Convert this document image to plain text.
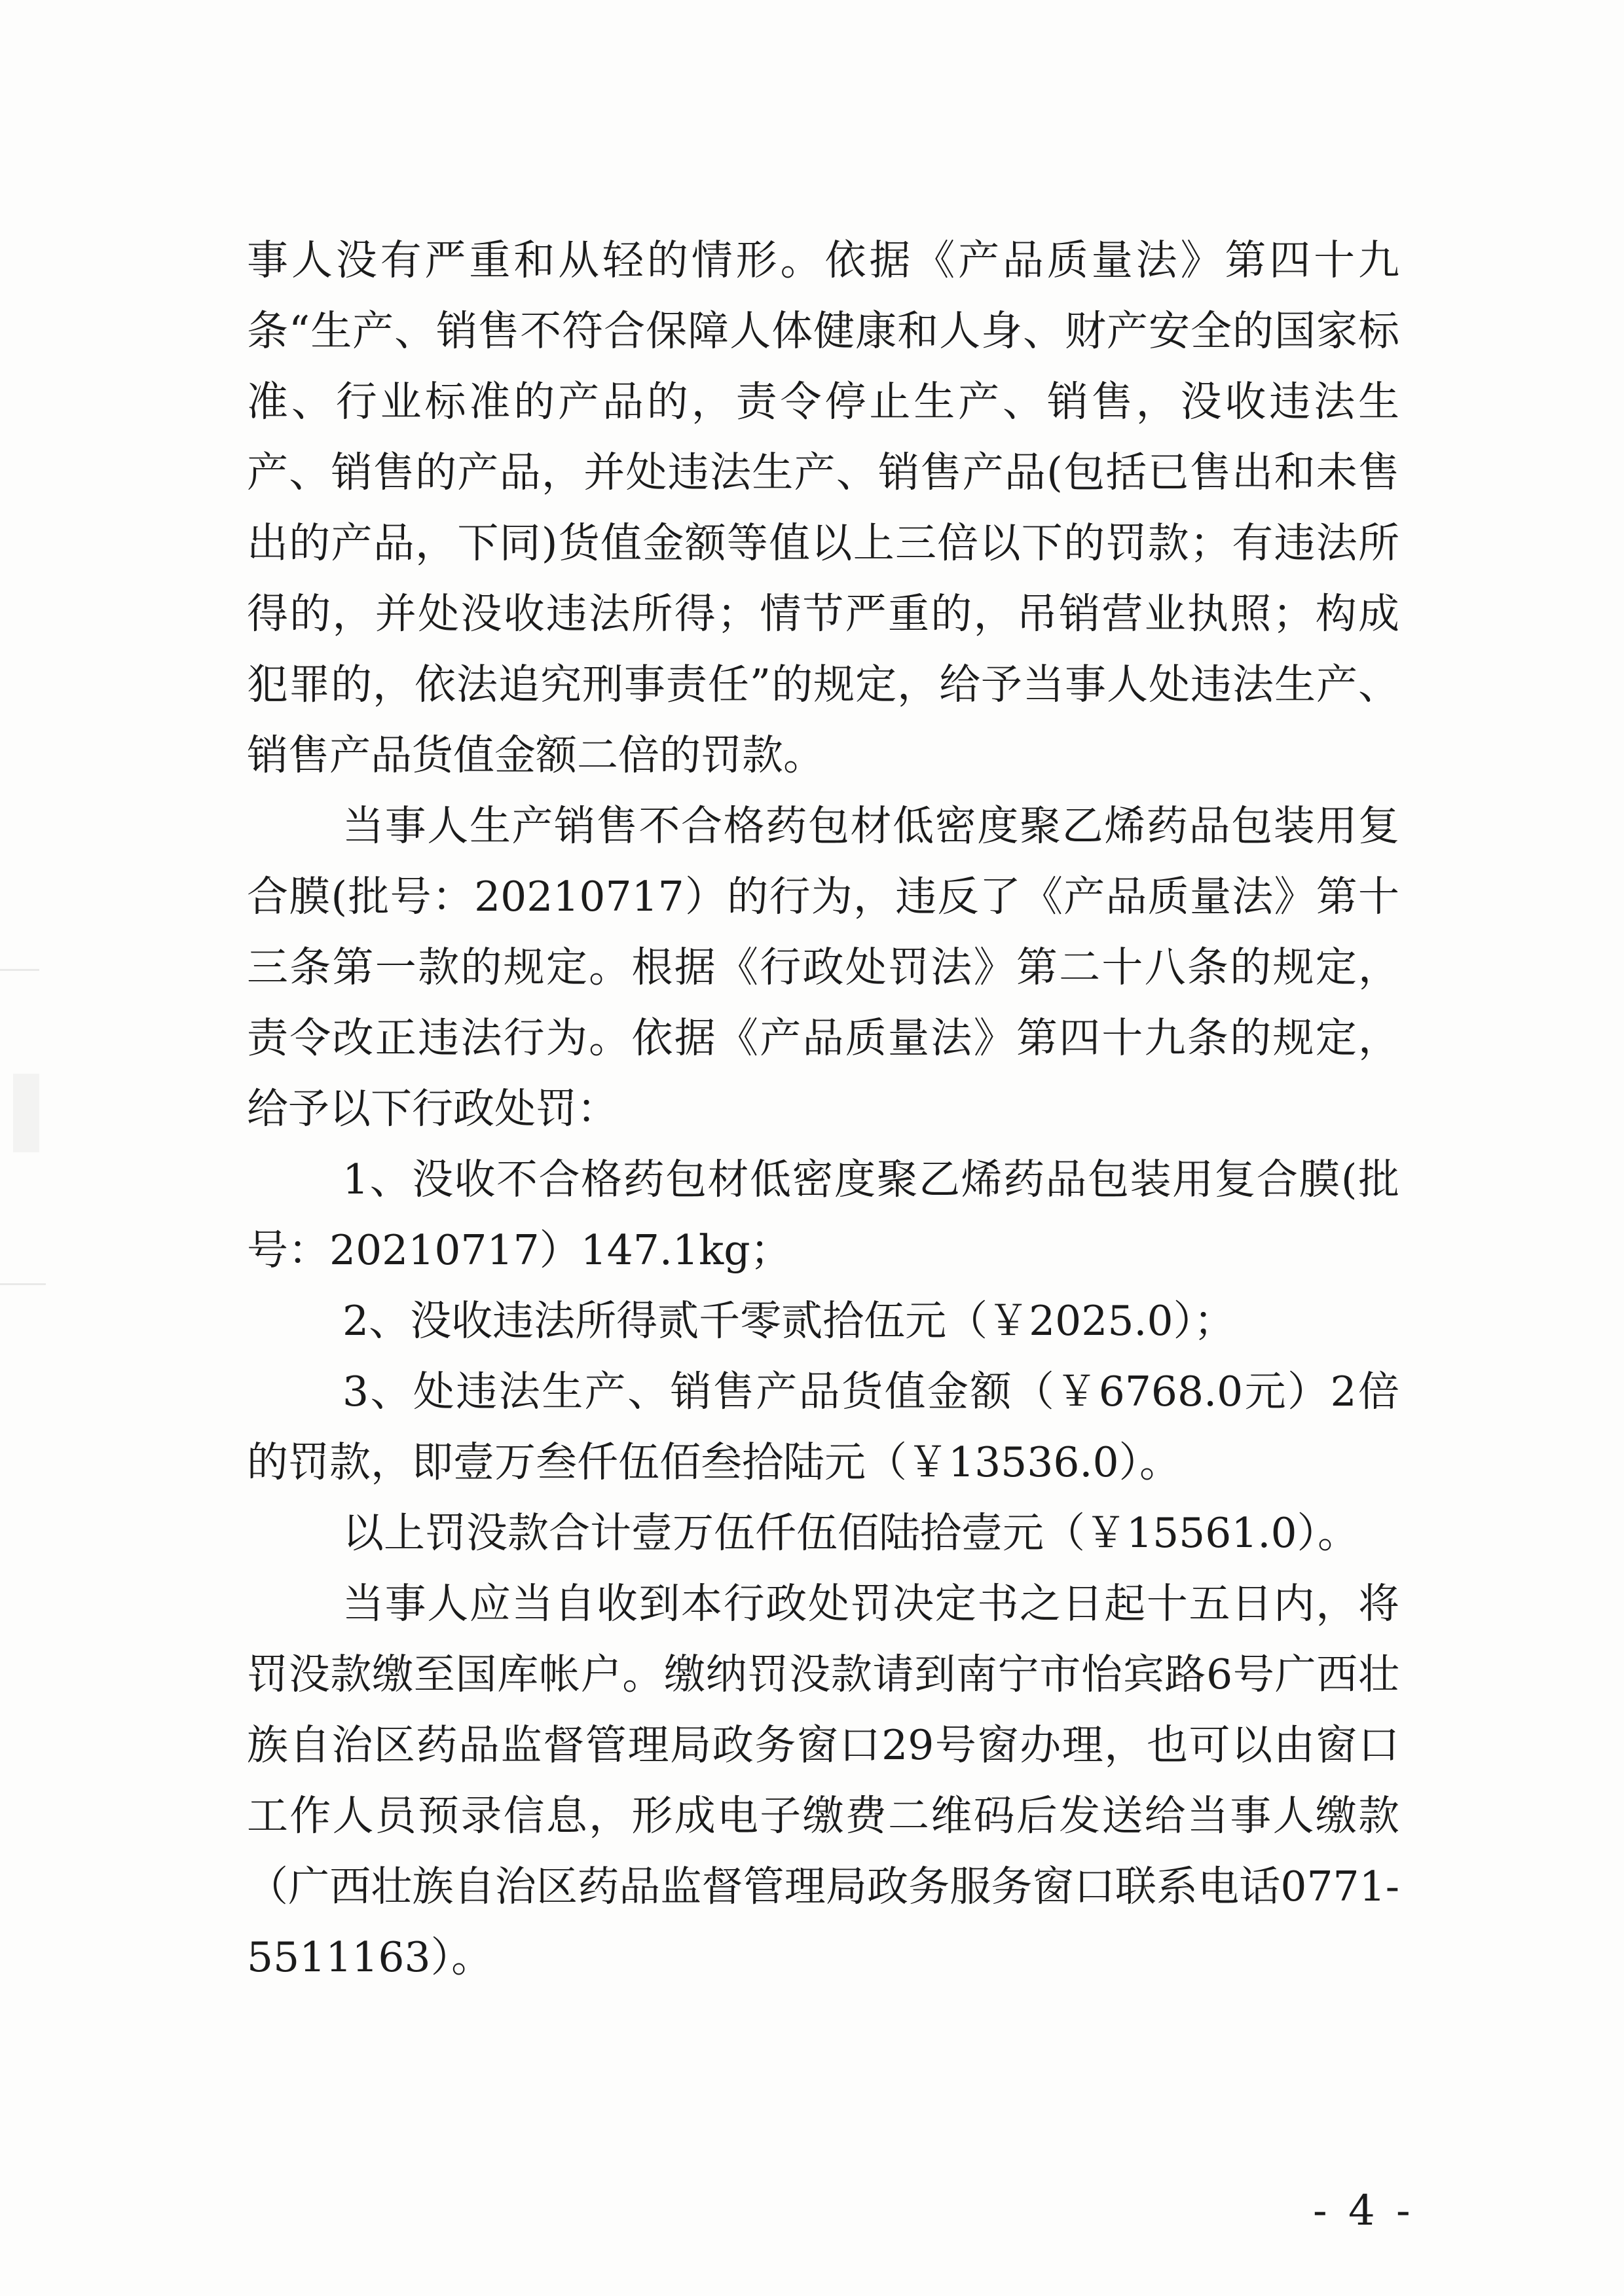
事人没有严重和从轻的情形。依据《产品质量法》第四十九条“生产、销售不符合保障人体健康和人身、财产安全的国家标准、行业标准的产品的，责令停止生产、销售，没收违法生产、销售的产品，并处违法生产、销售产品(包括已售出和未售出的产品，下同)货值金额等值以上三倍以下的罚款；有违法所得的，并处没收违法所得；情节严重的，吊销营业执照；构成犯罪的，依法追究刑事责任”的规定，给予当事人处违法生产、销售产品货值金额二倍的罚款。

当事人生产销售不合格药包材低密度聚乙烯药品包装用复合膜(批号：20210717）的行为，违反了《产品质量法》第十三条第一款的规定。根据《行政处罚法》第二十八条的规定，责令改正违法行为。依据《产品质量法》第四十九条的规定，给予以下行政处罚：

1、没收不合格药包材低密度聚乙烯药品包装用复合膜(批号：20210717）147.1kg；

2、没收违法所得贰千零贰拾伍元（￥2025.0）；

3、处违法生产、销售产品货值金额（￥6768.0元）2倍的罚款，即壹万叁仟伍佰叁拾陆元（￥13536.0）。

以上罚没款合计壹万伍仟伍佰陆拾壹元（￥15561.0）。

当事人应当自收到本行政处罚决定书之日起十五日内，将罚没款缴至国库帐户。缴纳罚没款请到南宁市怡宾路6号广西壮族自治区药品监督管理局政务窗口29号窗办理，也可以由窗口工作人员预录信息，形成电子缴费二维码后发送给当事人缴款（广西壮族自治区药品监督管理局政务服务窗口联系电话0771-5511163）。

- 4 -
